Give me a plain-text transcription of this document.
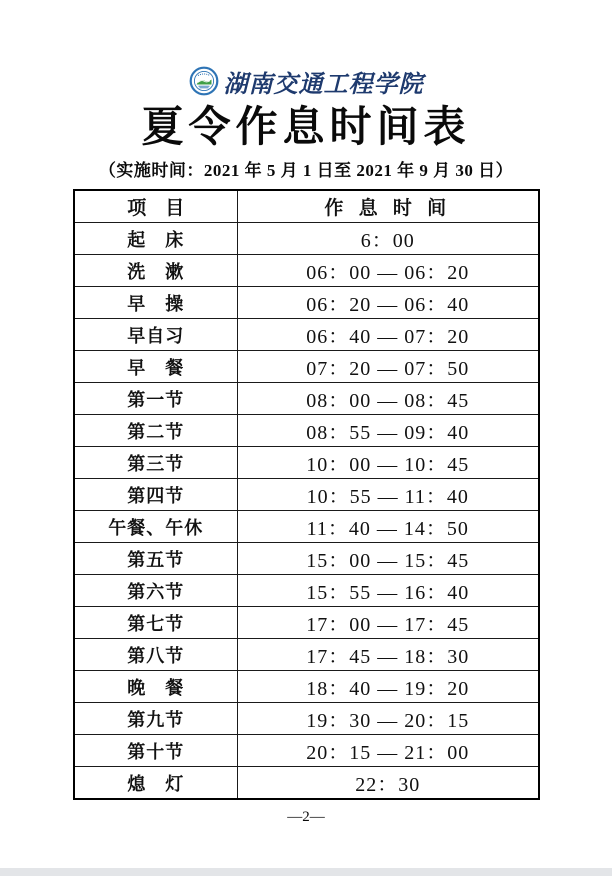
湖南交通工程学院
夏令作息时间表
（实施时间：2021 年 5 月 1 日至 2021 年 9 月 30 日）
项　目	作 息 时 间
起　床	6：00
洗　漱	06：00 — 06：20
早　操	06：20 — 06：40
早自习	06：40 — 07：20
早　餐	07：20 — 07：50
第一节	08：00 — 08：45
第二节	08：55 — 09：40
第三节	10：00 — 10：45
第四节	10：55 — 11：40
午餐、午休	11：40 — 14：50
第五节	15：00 — 15：45
第六节	15：55 — 16：40
第七节	17：00 — 17：45
第八节	17：45 — 18：30
晚　餐	18：40 — 19：20
第九节	19：30 — 20：15
第十节	20：15 — 21：00
熄　灯	22：30
—2—
